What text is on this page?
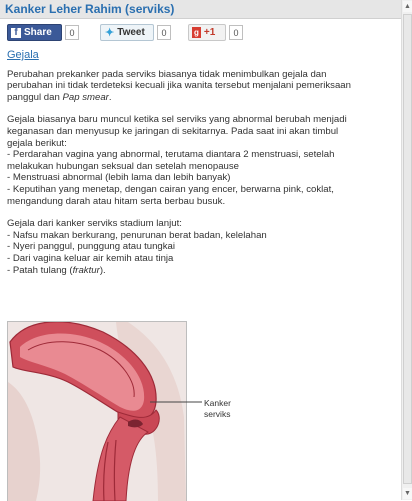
Kanker Leher Rahim (serviks)	▲
▼
f Share	0	✦ Tweet	0	g +1	0
Gejala

Perubahan prekanker pada serviks biasanya tidak menimbulkan gejala dan
perubahan ini tidak terdeteksi kecuali jika wanita tersebut menjalani pemeriksaan
panggul dan Pap smear.

Gejala biasanya baru muncul ketika sel serviks yang abnormal berubah menjadi
keganasan dan menyusup ke jaringan di sekitarnya. Pada saat ini akan timbul
gejala berikut:
- Perdarahan vagina yang abnormal, terutama diantara 2 menstruasi, setelah
melakukan hubungan seksual dan setelah menopause
- Menstruasi abnormal (lebih lama dan lebih banyak)
- Keputihan yang menetap, dengan cairan yang encer, berwarna pink, coklat,
mengandung darah atau hitam serta berbau busuk.

Gejala dari kanker serviks stadium lanjut:
- Nafsu makan berkurang, penurunan berat badan, kelelahan
- Nyeri panggul, punggung atau tungkai
- Dari vagina keluar air kemih atau tinja
- Patah tulang (fraktur).

Kanker
serviks
